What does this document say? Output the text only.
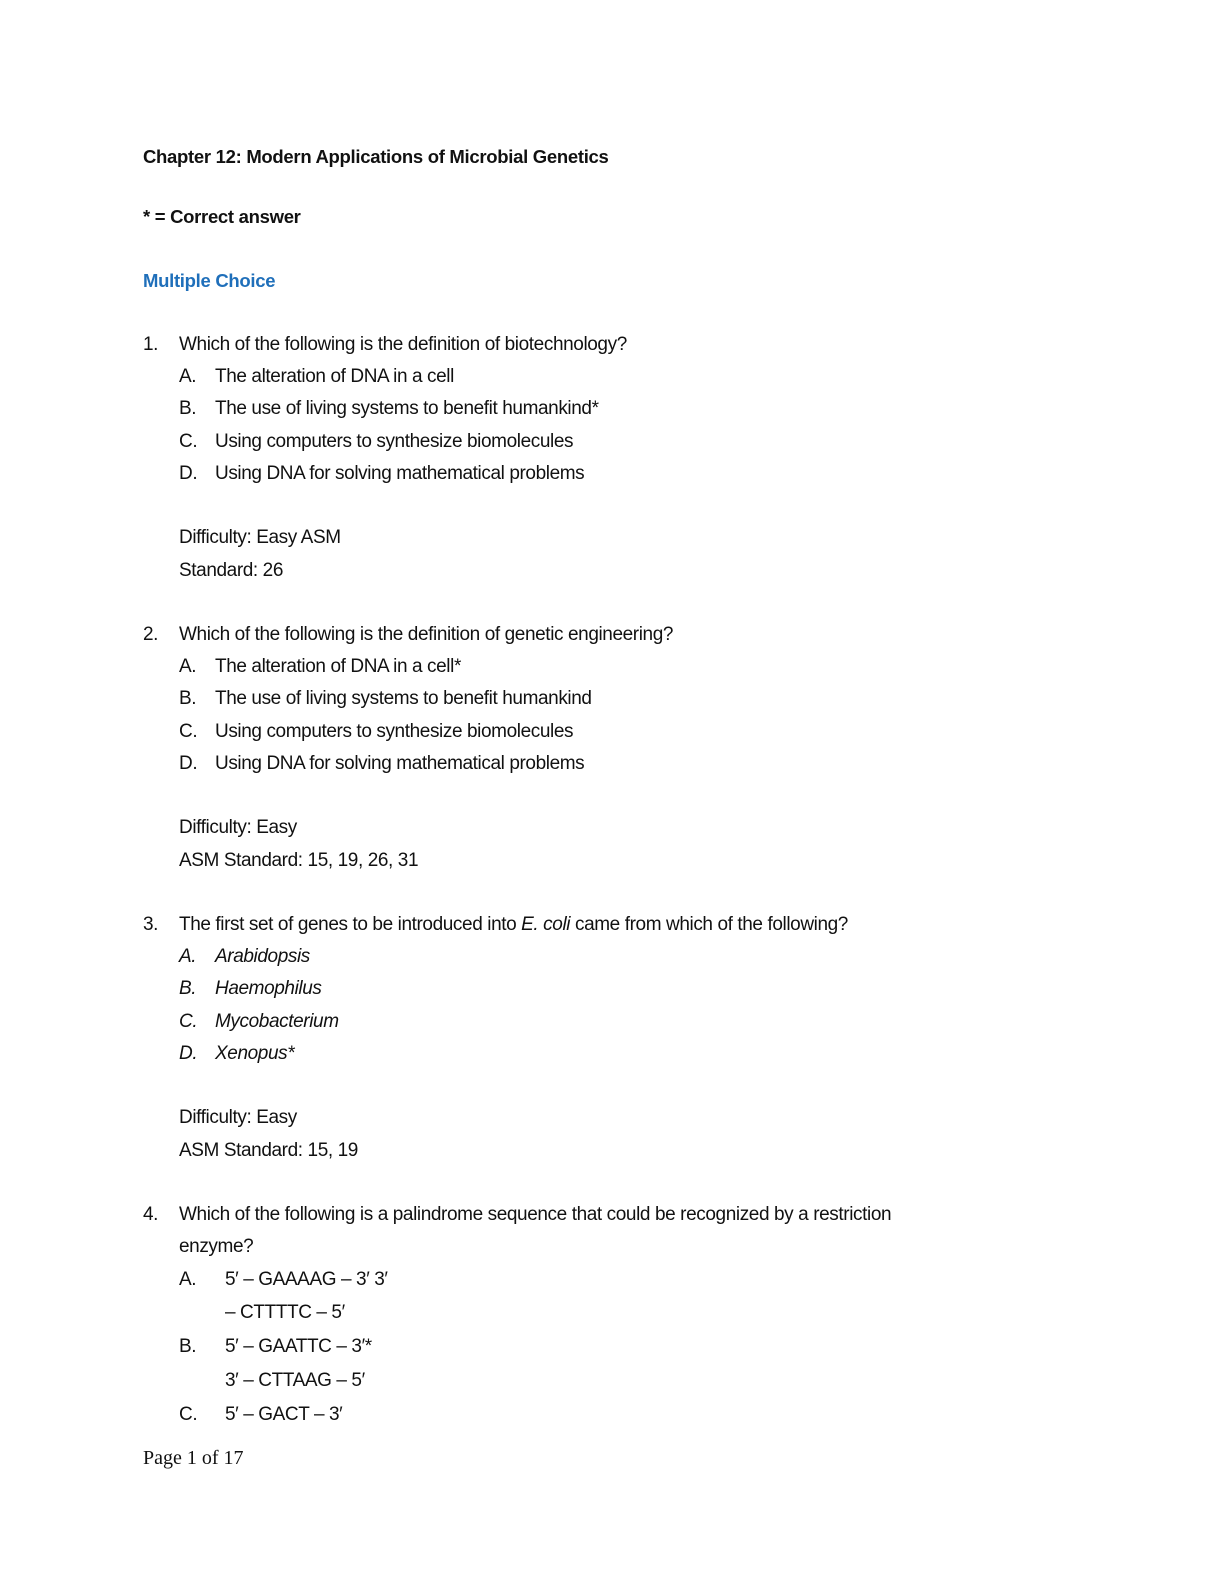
Chapter 12: Modern Applications of Microbial Genetics
* = Correct answer
Multiple Choice
1. Which of the following is the definition of biotechnology?
A. The alteration of DNA in a cell
B. The use of living systems to benefit humankind*
C. Using computers to synthesize biomolecules
D. Using DNA for solving mathematical problems
Difficulty: Easy ASM
Standard: 26
2. Which of the following is the definition of genetic engineering?
A. The alteration of DNA in a cell*
B. The use of living systems to benefit humankind
C. Using computers to synthesize biomolecules
D. Using DNA for solving mathematical problems
Difficulty: Easy
ASM Standard: 15, 19, 26, 31
3. The first set of genes to be introduced into E. coli came from which of the following?
A. Arabidopsis
B. Haemophilus
C. Mycobacterium
D. Xenopus*
Difficulty: Easy
ASM Standard: 15, 19
4. Which of the following is a palindrome sequence that could be recognized by a restriction
enzyme?
A. 5′ – GAAAAG – 3′ 3′
– CTTTTC – 5′
B. 5′ – GAATTC – 3′*
3′ – CTTAAG – 5′
C. 5′ – GACT – 3′
Page 1 of 17
